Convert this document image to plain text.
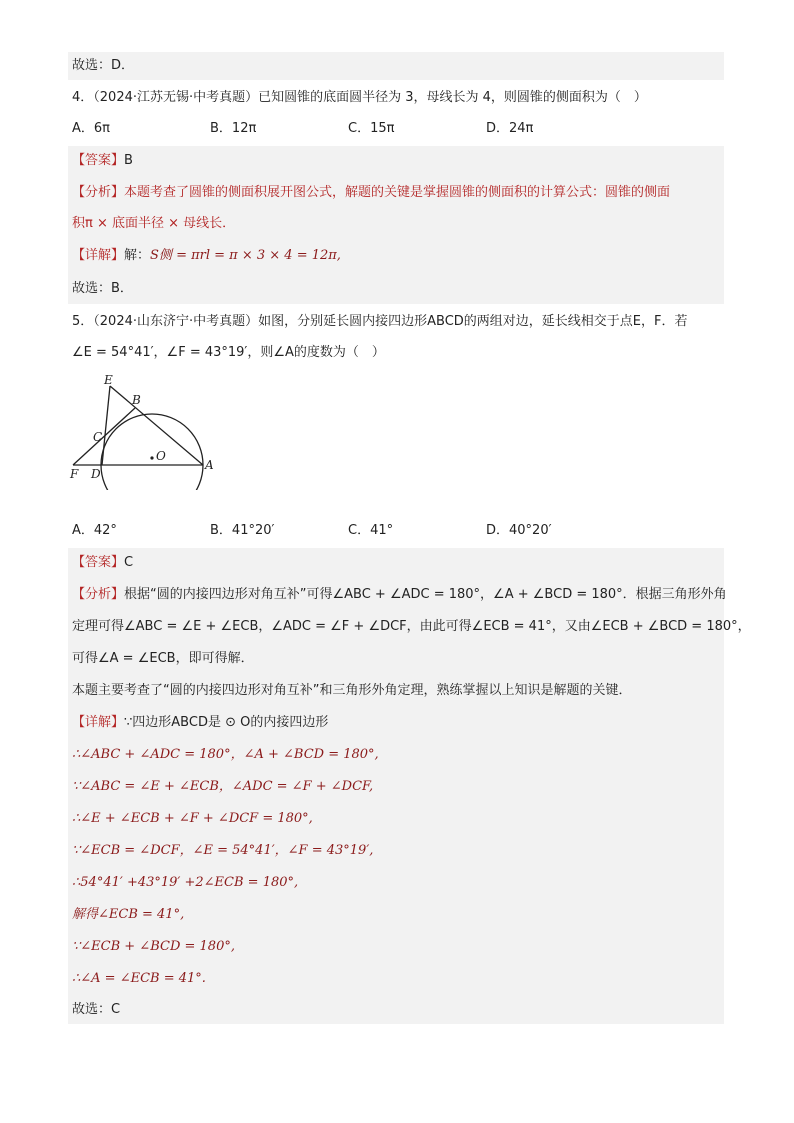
故选：D．
4．（2024·江苏无锡·中考真题）已知圆锥的底面圆半径为 3，母线长为 4，则圆锥的侧面积为（　）
A．6π	B．12π	C．15π	D．24π
【答案】B
【分析】本题考查了圆锥的侧面积展开图公式，解题的关键是掌握圆锥的侧面积的计算公式：圆锥的侧面
积π × 底面半径 × 母线长．
【详解】解：S侧 = πrl = π × 3 × 4 = 12π,
故选：B．
5．（2024·山东济宁·中考真题）如图，分别延长圆内接四边形ABCD的两组对边，延长线相交于点E，F．若
∠E = 54°41′，∠F = 43°19′，则∠A的度数为（　）
E
B
C
O
A
F D
A．42°	B．41°20′	C．41°	D．40°20′
【答案】C
【分析】根据“圆的内接四边形对角互补”可得∠ABC + ∠ADC = 180°，∠A + ∠BCD = 180°．根据三角形外角
定理可得∠ABC = ∠E + ∠ECB，∠ADC = ∠F + ∠DCF，由此可得∠ECB = 41°，又由∠ECB + ∠BCD = 180°，
可得∠A = ∠ECB，即可得解．
本题主要考查了“圆的内接四边形对角互补”和三角形外角定理，熟练掌握以上知识是解题的关键．
【详解】∵四边形ABCD是 ⊙ O的内接四边形
∴∠ABC + ∠ADC = 180°，∠A + ∠BCD = 180°,
∵∠ABC = ∠E + ∠ECB，∠ADC = ∠F + ∠DCF,
∴∠E + ∠ECB + ∠F + ∠DCF = 180°,
∵∠ECB = ∠DCF，∠E = 54°41′，∠F = 43°19′,
∴54°41′ +43°19′ +2∠ECB = 180°,
解得∠ECB = 41°,
∵∠ECB + ∠BCD = 180°,
∴∠A = ∠ECB = 41°.
故选：C
